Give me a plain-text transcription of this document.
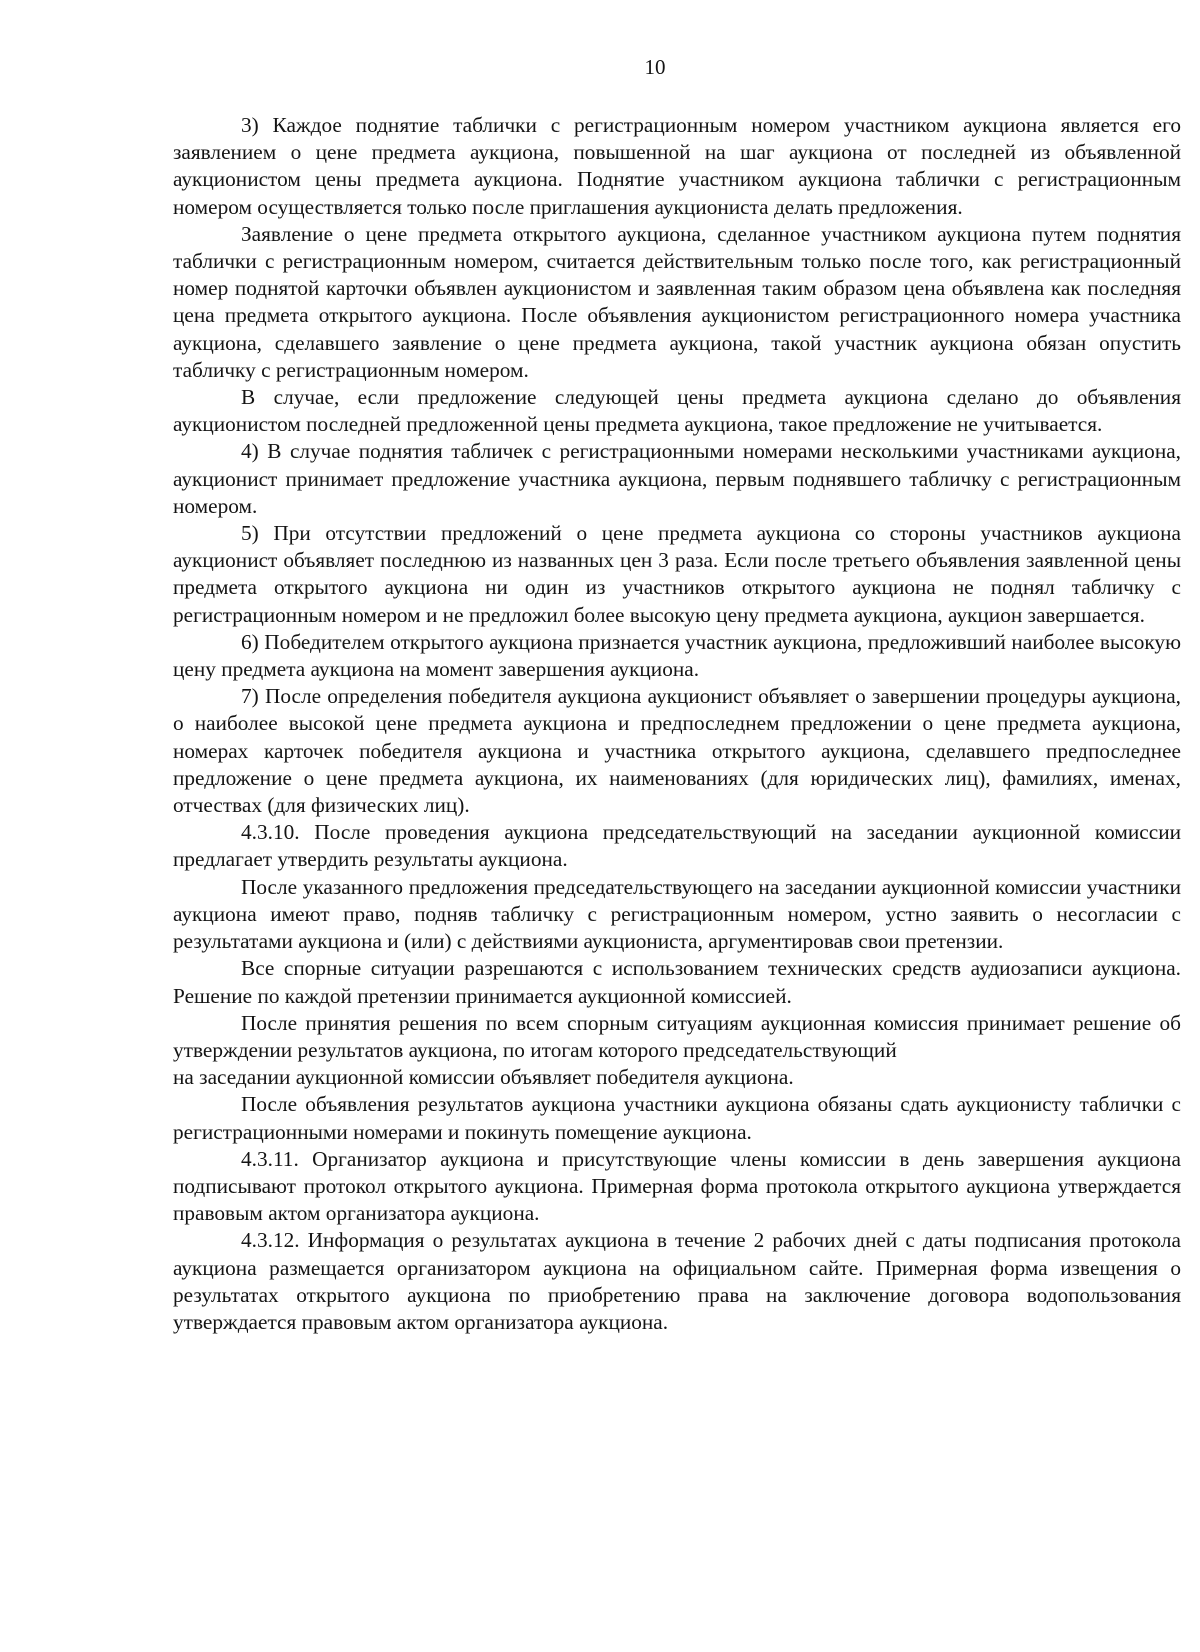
10

3) Каждое поднятие таблички с регистрационным номером участником аукциона является его заявлением о цене предмета аукциона, повышенной на шаг аукциона от последней из объявленной аукционистом цены предмета аукциона. Поднятие участником аукциона таблички с регистрационным номером осуществляется только после приглашения аукциониста делать предложения.

Заявление о цене предмета открытого аукциона, сделанное участником аукциона путем поднятия таблички с регистрационным номером, считается действительным только после того, как регистрационный номер поднятой карточки объявлен аукционистом и заявленная таким образом цена объявлена как последняя цена предмета открытого аукциона. После объявления аукционистом регистрационного номера участника аукциона, сделавшего заявление о цене предмета аукциона, такой участник аукциона обязан опустить табличку с регистрационным номером.

В случае, если предложение следующей цены предмета аукциона сделано до объявления аукционистом последней предложенной цены предмета аукциона, такое предложение не учитывается.

4) В случае поднятия табличек с регистрационными номерами несколькими участниками аукциона, аукционист принимает предложение участника аукциона, первым поднявшего табличку с регистрационным номером.

5) При отсутствии предложений о цене предмета аукциона со стороны участников аукциона аукционист объявляет последнюю из названных цен 3 раза. Если после третьего объявления заявленной цены предмета открытого аукциона ни один из участников открытого аукциона не поднял табличку с регистрационным номером и не предложил более высокую цену предмета аукциона, аукцион завершается.

6) Победителем открытого аукциона признается участник аукциона, предложивший наиболее высокую цену предмета аукциона на момент завершения аукциона.

7) После определения победителя аукциона аукционист объявляет о завершении процедуры аукциона, о наиболее высокой цене предмета аукциона и предпоследнем предложении о цене предмета аукциона, номерах карточек победителя аукциона и участника открытого аукциона, сделавшего предпоследнее предложение о цене предмета аукциона, их наименованиях (для юридических лиц), фамилиях, именах, отчествах (для физических лиц).

4.3.10. После проведения аукциона председательствующий на заседании аукционной комиссии предлагает утвердить результаты аукциона.

После указанного предложения председательствующего на заседании аукционной комиссии участники аукциона имеют право, подняв табличку с регистрационным номером, устно заявить о несогласии с результатами аукциона и (или) с действиями аукциониста, аргументировав свои претензии.

Все спорные ситуации разрешаются с использованием технических средств аудиозаписи аукциона. Решение по каждой претензии принимается аукционной комиссией.

После принятия решения по всем спорным ситуациям аукционная комиссия принимает решение об утверждении результатов аукциона, по итогам которого председательствующий

на заседании аукционной комиссии объявляет победителя аукциона.

После объявления результатов аукциона участники аукциона обязаны сдать аукционисту таблички с регистрационными номерами и покинуть помещение аукциона.

4.3.11. Организатор аукциона и присутствующие члены комиссии в день завершения аукциона подписывают протокол открытого аукциона. Примерная форма протокола открытого аукциона утверждается правовым актом организатора аукциона.

4.3.12. Информация о результатах аукциона в течение 2 рабочих дней с даты подписания протокола аукциона размещается организатором аукциона на официальном сайте. Примерная форма извещения о результатах открытого аукциона по приобретению права на заключение договора водопользования утверждается правовым актом организатора аукциона.
